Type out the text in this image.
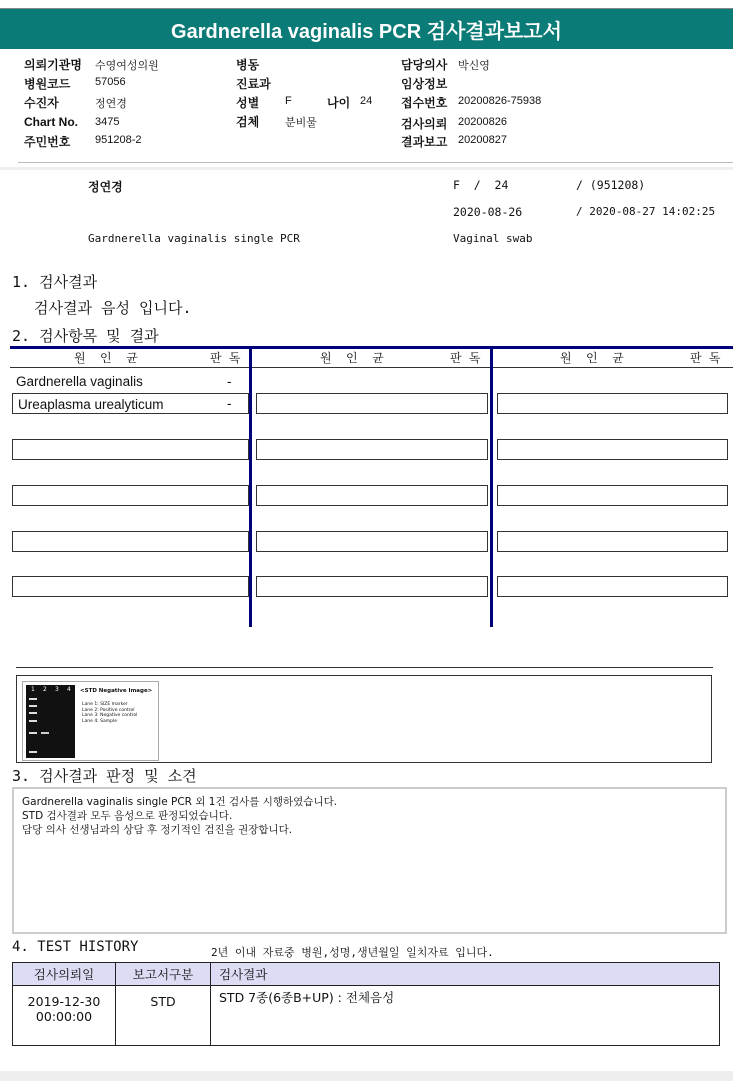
Gardnerella vaginalis PCR 검사결과보고서
의뢰기관명 수영여성의원
병원코드 57056
수진자	정연경
Chart No. 3475
주민번호 951208-2
병동
진료과
성별 F	나이 24
검체 분비물
담당의사 박신영
임상정보
접수번호 20200826-75938
검사의뢰 20200826
결과보고 20200827
정연경	F  /  24	/ (951208)
2020-08-26	/ 2020-08-27 14:02:25
Gardnerella vaginalis single PCR	Vaginal swab
1. 검사결과
검사결과 음성 입니다.
2. 검사항목 및 결과
원  인  균	판 독	원  인  균	판 독	원  인  균	판 독
Gardnerella vaginalis	-
Ureaplasma urealyticum	-
1 2 3 4 <STD Negative Image>
Lane 1: SIZE marker
Lane 2: Positive control
Lane 3: Negative control
Lane 4: Sample
3. 검사결과 판정 및 소견
Gardnerella vaginalis single PCR 외 1건 검사를 시행하였습니다.
STD 검사결과 모두 음성으로 판정되었습니다.
담당 의사 선생님과의 상담 후 정기적인 검진을 권장합니다.
4. TEST HISTORY	2년 이내 자료중 병원,성명,생년월일 일치자료 입니다.
검사의뢰일	보고서구분	검사결과

2019-12-30
00:00:00	STD	STD 7종(6종B+UP) : 전체음성
